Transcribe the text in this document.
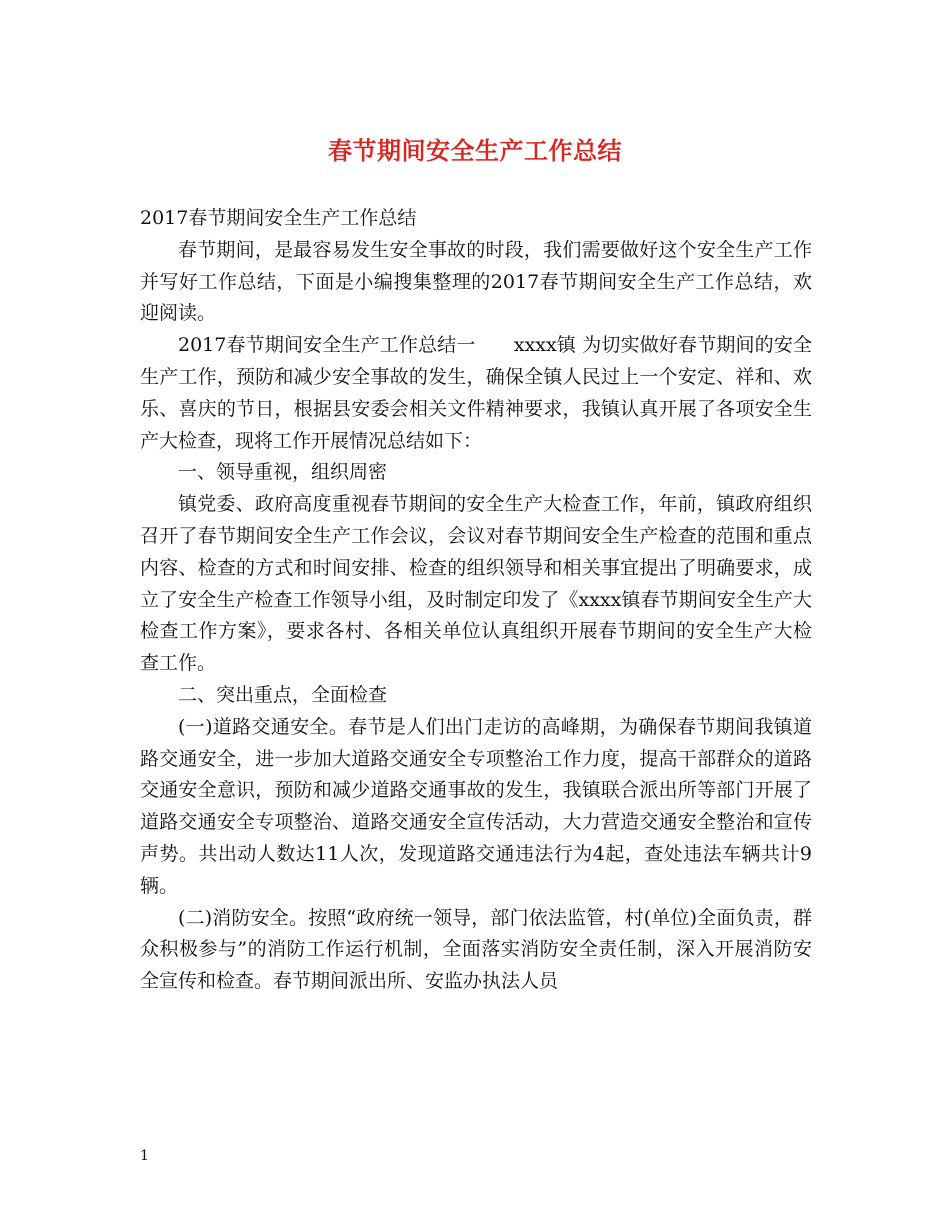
春节期间安全生产工作总结

2017春节期间安全生产工作总结

春节期间，是最容易发生安全事故的时段，我们需要做好这个安全生产工作并写好工作总结，下面是小编搜集整理的2017春节期间安全生产工作总结，欢迎阅读。

2017春节期间安全生产工作总结一　　xxxx镇 为切实做好春节期间的安全生产工作，预防和减少安全事故的发生，确保全镇人民过上一个安定、祥和、欢乐、喜庆的节日，根据县安委会相关文件精神要求，我镇认真开展了各项安全生产大检查，现将工作开展情况总结如下：

一、领导重视，组织周密

镇党委、政府高度重视春节期间的安全生产大检查工作，年前，镇政府组织召开了春节期间安全生产工作会议，会议对春节期间安全生产检查的范围和重点内容、检查的方式和时间安排、检查的组织领导和相关事宜提出了明确要求，成立了安全生产检查工作领导小组，及时制定印发了《xxxx镇春节期间安全生产大检查工作方案》，要求各村、各相关单位认真组织开展春节期间的安全生产大检查工作。

二、突出重点，全面检查

(一)道路交通安全。春节是人们出门走访的高峰期，为确保春节期间我镇道路交通安全，进一步加大道路交通安全专项整治工作力度，提高干部群众的道路交通安全意识，预防和减少道路交通事故的发生，我镇联合派出所等部门开展了道路交通安全专项整治、道路交通安全宣传活动，大力营造交通安全整治和宣传声势。共出动人数达11人次，发现道路交通违法行为4起，查处违法车辆共计9辆。

(二)消防安全。按照“政府统一领导，部门依法监管，村(单位)全面负责，群众积极参与”的消防工作运行机制，全面落实消防安全责任制，深入开展消防安全宣传和检查。春节期间派出所、安监办执法人员

1
